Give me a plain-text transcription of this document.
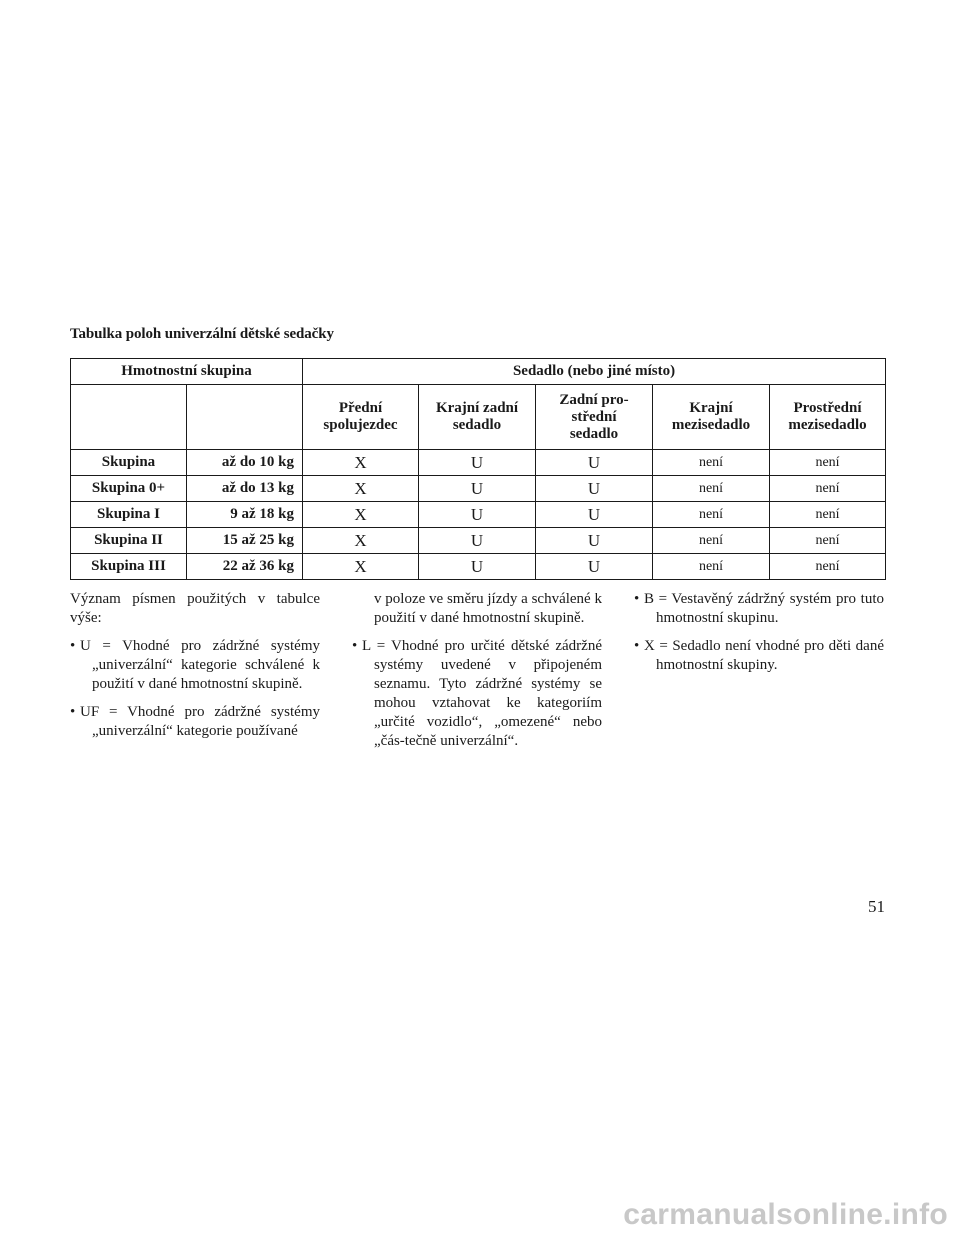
Tabulka poloh univerzální dětské sedačky
Hmotnostní skupina		Sedadlo (nebo jiné místo)				
		Přední spolujezdec	Krajní zadní sedadlo	Zadní pro-
střední
sedadlo	Krajní mezisedadlo	Prostřední mezisedadlo
Skupina	až do 10 kg	X	U	U	není	není
Skupina 0+	až do 13 kg	X	U	U	není	není
Skupina I	9 až 18 kg	X	U	U	není	není
Skupina II	15 až 25 kg	X	U	U	není	není
Skupina III	22 až 36 kg	X	U	U	není	není

Význam písmen použitých v tabulce výše:

• U = Vhodné pro zádržné systémy „univerzální“ kategorie schválené k použití v dané hmotnostní skupině.
• UF = Vhodné pro zádržné systémy „univerzální“ kategorie používané

v poloze ve směru jízdy a schválené k použití v dané hmotnostní skupině.

• L = Vhodné pro určité dětské zádržné systémy uvedené v připojeném seznamu. Tyto zádržné systémy se mohou vztahovat ke kategoriím „určité vozidlo“, „omezené“ nebo „čás-tečně univerzální“.
• B = Vestavěný zádržný systém pro tuto hmotnostní skupinu.
• X = Sedadlo není vhodné pro děti dané hmotnostní skupiny.
51
carmanualsonline.info
